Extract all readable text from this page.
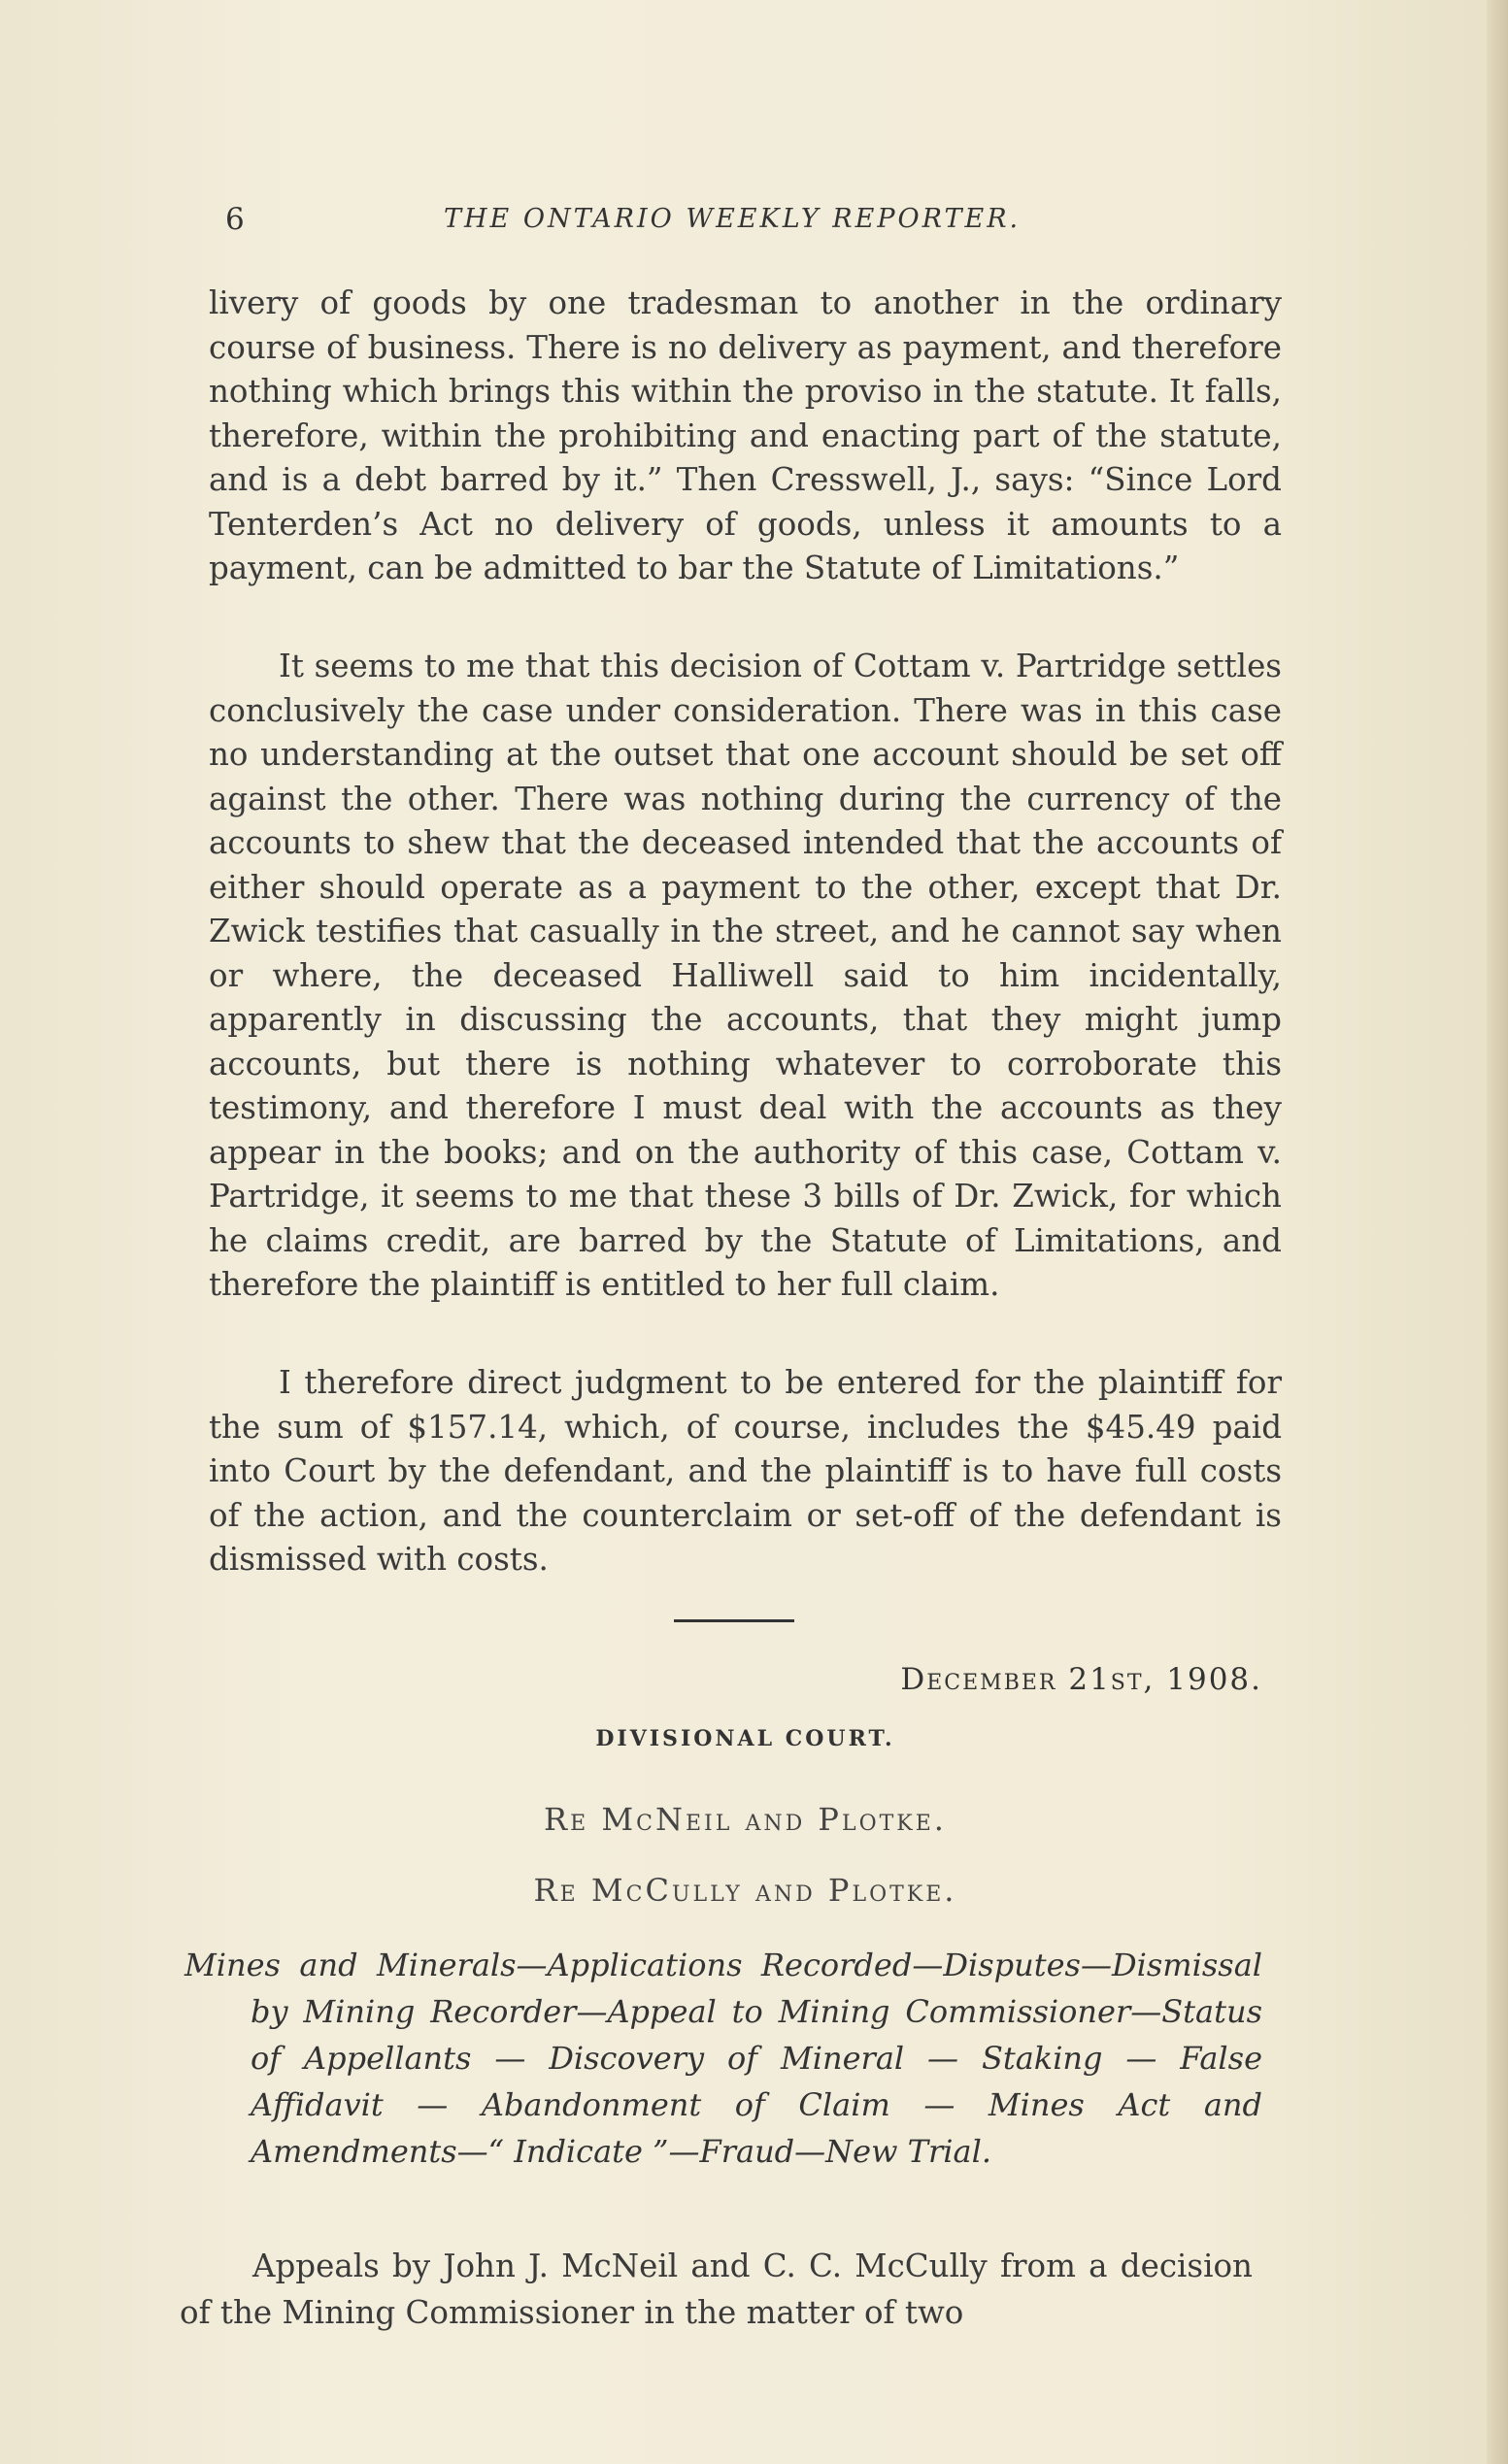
6	THE ONTARIO WEEKLY REPORTER.

livery of goods by one tradesman to another in the ordinary course of business. There is no delivery as payment, and therefore nothing which brings this within the proviso in the statute. It falls, therefore, within the prohibiting and enacting part of the statute, and is a debt barred by it.” Then Cresswell, J., says: “Since Lord Tenterden’s Act no delivery of goods, unless it amounts to a payment, can be admitted to bar the Statute of Limitations.”

It seems to me that this decision of Cottam v. Partridge settles conclusively the case under consideration. There was in this case no understanding at the outset that one account should be set off against the other. There was nothing during the currency of the accounts to shew that the deceased intended that the accounts of either should operate as a payment to the other, except that Dr. Zwick testifies that casually in the street, and he cannot say when or where, the deceased Halliwell said to him incidentally, apparently in discussing the accounts, that they might jump accounts, but there is nothing whatever to corroborate this testimony, and therefore I must deal with the accounts as they appear in the books; and on the authority of this case, Cottam v. Partridge, it seems to me that these 3 bills of Dr. Zwick, for which he claims credit, are barred by the Statute of Limitations, and therefore the plaintiff is entitled to her full claim.

I therefore direct judgment to be entered for the plaintiff for the sum of $157.14, which, of course, includes the $45.49 paid into Court by the defendant, and the plaintiff is to have full costs of the action, and the counterclaim or set-off of the defendant is dismissed with costs.

December 21st, 1908.
DIVISIONAL COURT.
Re McNeil and Plotke.
Re McCully and Plotke.

Mines and Minerals—Applications Recorded—Disputes—Dismissal by Mining Recorder—Appeal to Mining Commissioner—Status of Appellants — Discovery of Mineral — Staking — False Affidavit — Abandonment of Claim — Mines Act and Amendments—“ Indicate ”—Fraud—New Trial.

Appeals by John J. McNeil and C. C. McCully from a decision of the Mining Commissioner in the matter of two
